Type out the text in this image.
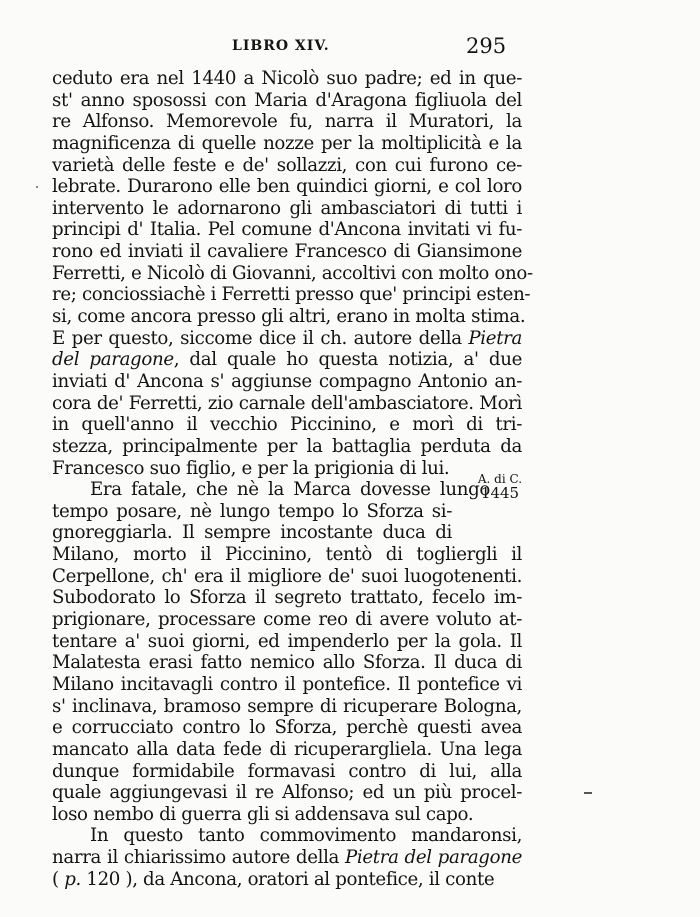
LIBRO XIV.	295
ceduto era nel 1440 a Nicolò suo padre; ed in que-
st' anno sposossi con Maria d'Aragona figliuola del
re Alfonso. Memorevole fu, narra il Muratori, la
magnificenza di quelle nozze per la moltiplicità e la
varietà delle feste e de' sollazzi, con cui furono ce-
lebrate. Durarono elle ben quindici giorni, e col loro
intervento le adornarono gli ambasciatori di tutti i
principi d' Italia. Pel comune d'Ancona invitati vi fu-
rono ed inviati il cavaliere Francesco di Giansimone
Ferretti, e Nicolò di Giovanni, accoltivi con molto ono-
re; conciossiachè i Ferretti presso que' principi esten-
si, come ancora presso gli altri, erano in molta stima.
E per questo, siccome dice il ch. autore della Pietra
del paragone, dal quale ho questa notizia, a' due
inviati d' Ancona s' aggiunse compagno Antonio an-
cora de' Ferretti, zio carnale dell'ambasciatore. Morì
in quell'anno il vecchio Piccinino, e morì di tri-
stezza, principalmente per la battaglia perduta da
Francesco suo figlio, e per la prigionia di lui.
Era fatale, che nè la Marca dovesse lungo
tempo posare, nè lungo tempo lo Sforza si-
gnoreggiarla. Il sempre incostante duca di
Milano, morto il Piccinino, tentò di togliergli il
Cerpellone, ch' era il migliore de' suoi luogotenenti.
Subodorato lo Sforza il segreto trattato, fecelo im-
prigionare, processare come reo di avere voluto at-
tentare a' suoi giorni, ed impenderlo per la gola. Il
Malatesta erasi fatto nemico allo Sforza. Il duca di
Milano incitavagli contro il pontefice. Il pontefice vi
s' inclinava, bramoso sempre di ricuperare Bologna,
e corrucciato contro lo Sforza, perchè questi avea
mancato alla data fede di ricuperargliela. Una lega
dunque formidabile formavasi contro di lui, alla
quale aggiungevasi il re Alfonso; ed un più procel-
loso nembo di guerra gli si addensava sul capo.
In questo tanto commovimento mandaronsi,
narra il chiarissimo autore della Pietra del paragone
( p. 120 ), da Ancona, oratori al pontefice, il conte
A. di C.
1445
